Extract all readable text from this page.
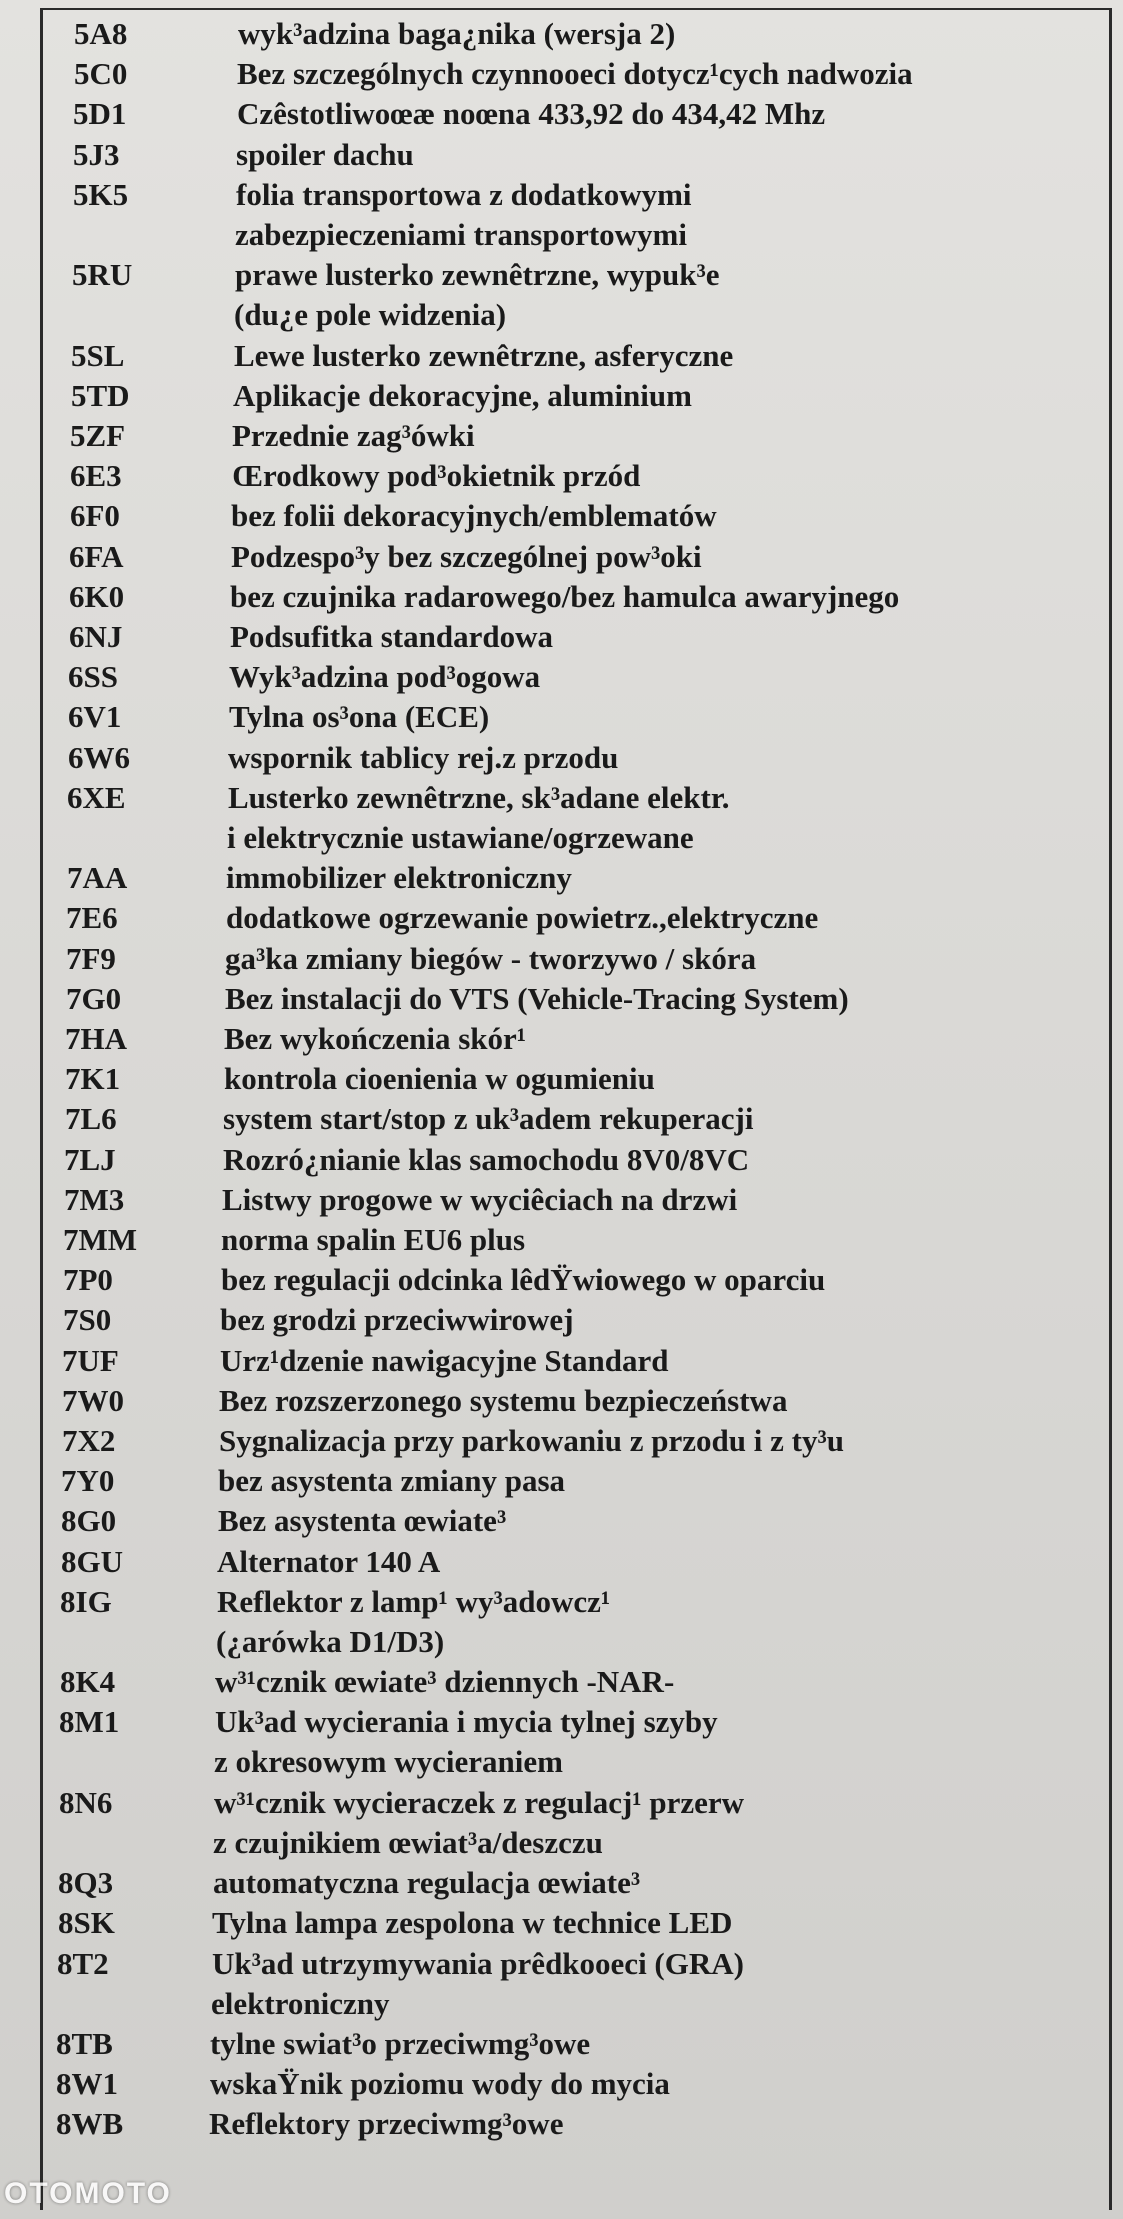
5A8	wyk³adzina baga¿nika (wersja 2)
5C0	Bez szczególnych czynnooeci dotycz¹cych nadwozia
5D1	Czêstotliwoœæ noœna 433,92 do 434,42 Mhz
5J3	spoiler dachu
5K5	folia transportowa z dodatkowymi
zabezpieczeniami transportowymi
5RU	prawe lusterko zewnêtrzne, wypuk³e
(du¿e pole widzenia)
5SL	Lewe lusterko zewnêtrzne, asferyczne
5TD	Aplikacje dekoracyjne, aluminium
5ZF	Przednie zag³ówki
6E3	Œrodkowy pod³okietnik przód
6F0	bez folii dekoracyjnych/emblematów
6FA	Podzespo³y bez szczególnej pow³oki
6K0	bez czujnika radarowego/bez hamulca awaryjnego
6NJ	Podsufitka standardowa
6SS	Wyk³adzina pod³ogowa
6V1	Tylna os³ona (ECE)
6W6	wspornik tablicy rej.z przodu
6XE	Lusterko zewnêtrzne, sk³adane elektr.
i elektrycznie ustawiane/ogrzewane
7AA	immobilizer elektroniczny
7E6	dodatkowe ogrzewanie powietrz.,elektryczne
7F9	ga³ka zmiany biegów - tworzywo / skóra
7G0	Bez instalacji do VTS (Vehicle-Tracing System)
7HA	Bez wykończenia skór¹
7K1	kontrola cioenienia w ogumieniu
7L6	system start/stop z uk³adem rekuperacji
7LJ	Rozró¿nianie klas samochodu 8V0/8VC
7M3	Listwy progowe w wyciêciach na drzwi
7MM	norma spalin EU6 plus
7P0	bez regulacji odcinka lêdŸwiowego w oparciu
7S0	bez grodzi przeciwwirowej
7UF	Urz¹dzenie nawigacyjne Standard
7W0	Bez rozszerzonego systemu bezpieczeństwa
7X2	Sygnalizacja przy parkowaniu z przodu i z ty³u
7Y0	bez asystenta zmiany pasa
8G0	Bez asystenta œwiate³
8GU	Alternator 140 A
8IG	Reflektor z lamp¹ wy³adowcz¹
(¿arówka D1/D3)
8K4	w³¹cznik œwiate³ dziennych -NAR-
8M1	Uk³ad wycierania i mycia tylnej szyby
z okresowym wycieraniem
8N6	w³¹cznik wycieraczek z regulacj¹ przerw
z czujnikiem œwiat³a/deszczu
8Q3	automatyczna regulacja œwiate³
8SK	Tylna lampa zespolona w technice LED
8T2	Uk³ad utrzymywania prêdkooeci (GRA)
elektroniczny
8TB	tylne swiat³o przeciwmg³owe
8W1	wskaŸnik poziomu wody do mycia
8WB	Reflektory przeciwmg³owe
OTOMOTO
